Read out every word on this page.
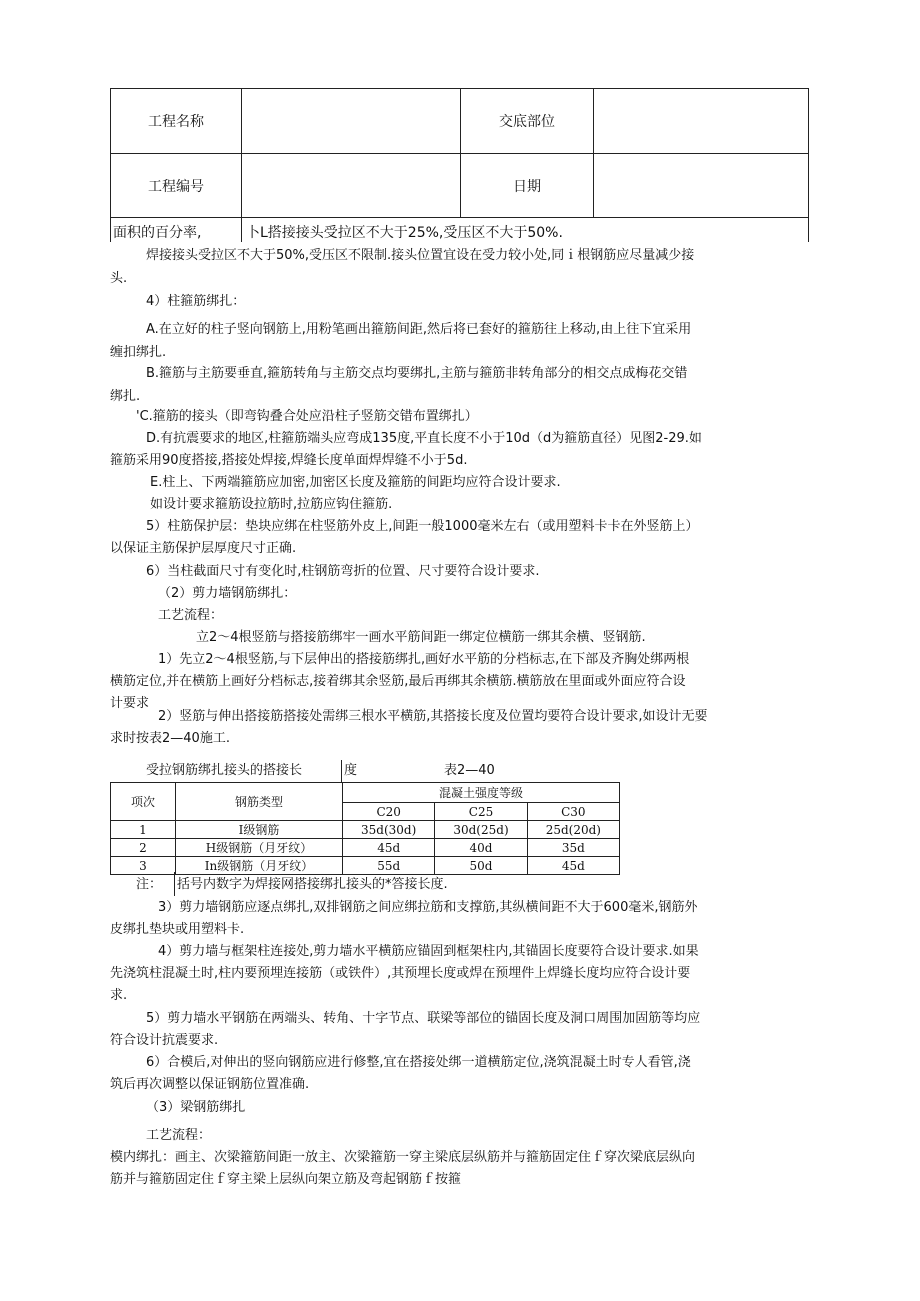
工程名称		交底部位	
工程编号		日期	
面积的百分率,	卜L搭接接头受拉区不大于25%,受压区不大于50%.		
焊接接头受拉区不大于50%,受压区不限制.接头位置宜设在受力较小处,同ｉ根钢筋应尽量减少接
头.
4）柱箍筋绑扎：
A.在立好的柱子竖向钢筋上,用粉笔画出箍筋间距,然后将已套好的箍筋往上移动,由上往下宜采用
缠扣绑扎.
B.箍筋与主筋要垂直,箍筋转角与主筋交点均要绑扎,主筋与箍筋非转角部分的相交点成梅花交错
绑扎.
'C.箍筋的接头（即弯钩叠合处应沿柱子竖筋交错布置绑扎）
D.有抗震要求的地区,柱箍筋端头应弯成135度,平直长度不小于10d（d为箍筋直径）见图2-29.如
箍筋采用90度搭接,搭接处焊接,焊缝长度单面焊焊缝不小于5d.
E.柱上、下两端箍筋应加密,加密区长度及箍筋的间距均应符合设计要求.
如设计要求箍筋设拉筋时,拉筋应钩住箍筋.
5）柱筋保护层：垫块应绑在柱竖筋外皮上,间距一般1000毫米左右（或用塑料卡卡在外竖筋上）
以保证主筋保护层厚度尺寸正确.
6）当柱截面尺寸有变化时,柱钢筋弯折的位置、尺寸要符合设计要求.
（2）剪力墙钢筋绑扎：
工艺流程：
立2～4根竖筋与搭接筋绑牢一画水平筋间距一绑定位横筋一绑其余横、竖钢筋.
1）先立2～4根竖筋,与下层伸出的搭接筋绑扎,画好水平筋的分档标志,在下部及齐胸处绑两根
横筋定位,并在横筋上画好分档标志,接着绑其余竖筋,最后再绑其余横筋.横筋放在里面或外面应符合设
计要求
2）竖筋与伸出搭接筋搭接处需绑三根水平横筋,其搭接长度及位置均要符合设计要求,如设计无要
求时按表2—40施工.
受拉钢筋绑扎接头的搭接长	度	表2—40
项次	钢筋类型	混凝土强度等级		
		C20	C25	C30
1	I级钢筋	35d(30d)	30d(25d)	25d(20d)
2	H级钢筋（月牙纹）	45d	40d	35d
3	In级钢筋（月牙纹）	55d	50d	45d
注： 括号内数字为焊接网搭接绑扎接头的*答接长度.
3）剪力墙钢筋应逐点绑扎,双排钢筋之间应绑拉筋和支撑筋,其纵横间距不大于600毫米,钢筋外
皮绑扎垫块或用塑料卡.
4）剪力墙与框架柱连接处,剪力墙水平横筋应锚固到框架柱内,其锚固长度要符合设计要求.如果
先浇筑柱混凝土时,柱内要预埋连接筋（或铁件）,其预埋长度或焊在预埋件上焊缝长度均应符合设计要
求.
5）剪力墙水平钢筋在两端头、转角、十字节点、联梁等部位的锚固长度及洞口周围加固筋等均应
符合设计抗震要求.
6）合模后,对伸出的竖向钢筋应进行修整,宜在搭接处绑一道横筋定位,浇筑混凝土时专人看管,浇
筑后再次调整以保证钢筋位置准确.
（3）梁钢筋绑扎
工艺流程：
模内绑扎：画主、次梁箍筋间距一放主、次梁箍筋一穿主梁底层纵筋并与箍筋固定住ｆ穿次梁底层纵向
筋并与箍筋固定住ｆ穿主梁上层纵向架立筋及弯起钢筋ｆ按箍
